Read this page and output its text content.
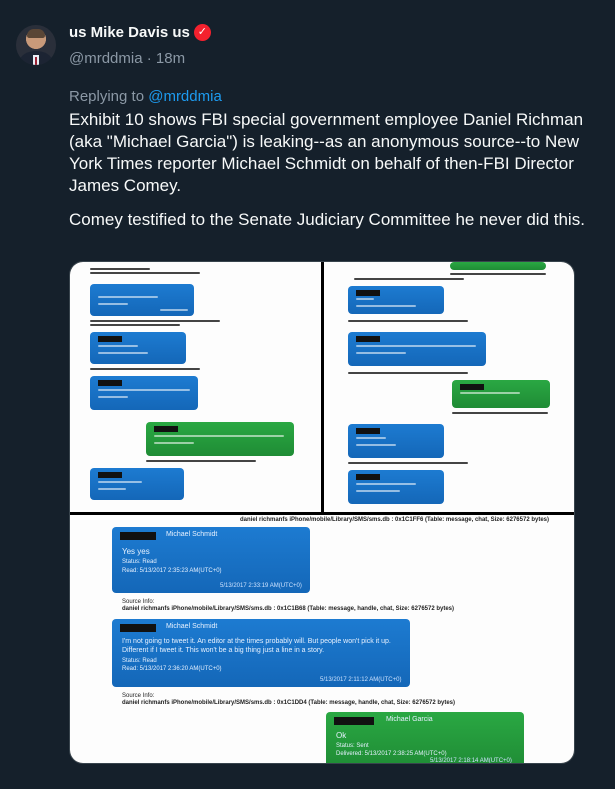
us Mike Davis us ✓
@mrddmia · 18m
Replying to @mrddmia

Exhibit 10 shows FBI special government employee Daniel Richman (aka "Michael Garcia") is leaking--as an anonymous source--to New York Times reporter Michael Schmidt on behalf of then-FBI Director James Comey.

Comey testified to the Senate Judiciary Committee he never did this.

daniel richmanfs iPhone/mobile/Library/SMS/sms.db : 0x1C1FF6 (Table: message, chat, Size: 6276572 bytes)
Michael Schmidt
Yes yes
Status: Read
Read: 5/13/2017 2:35:23 AM(UTC+0)
5/13/2017 2:33:19 AM(UTC+0)
Source Info:
daniel richmanfs iPhone/mobile/Library/SMS/sms.db : 0x1C1B68 (Table: message, handle, chat, Size: 6276572 bytes)
Michael Schmidt
I'm not going to tweet it. An editor at the times probably will. But people won't pick it up.
Different if I tweet it. This won't be a big thing just a line in a story.
Status: Read
Read: 5/13/2017 2:36:20 AM(UTC+0)
5/13/2017 2:11:12 AM(UTC+0)
Source Info:
daniel richmanfs iPhone/mobile/Library/SMS/sms.db : 0x1C1DD4 (Table: message, handle, chat, Size: 6276572 bytes)
Michael Garcia
Ok
Status: Sent
Delivered: 5/13/2017 2:38:25 AM(UTC+0)
5/13/2017 2:18:14 AM(UTC+0)
